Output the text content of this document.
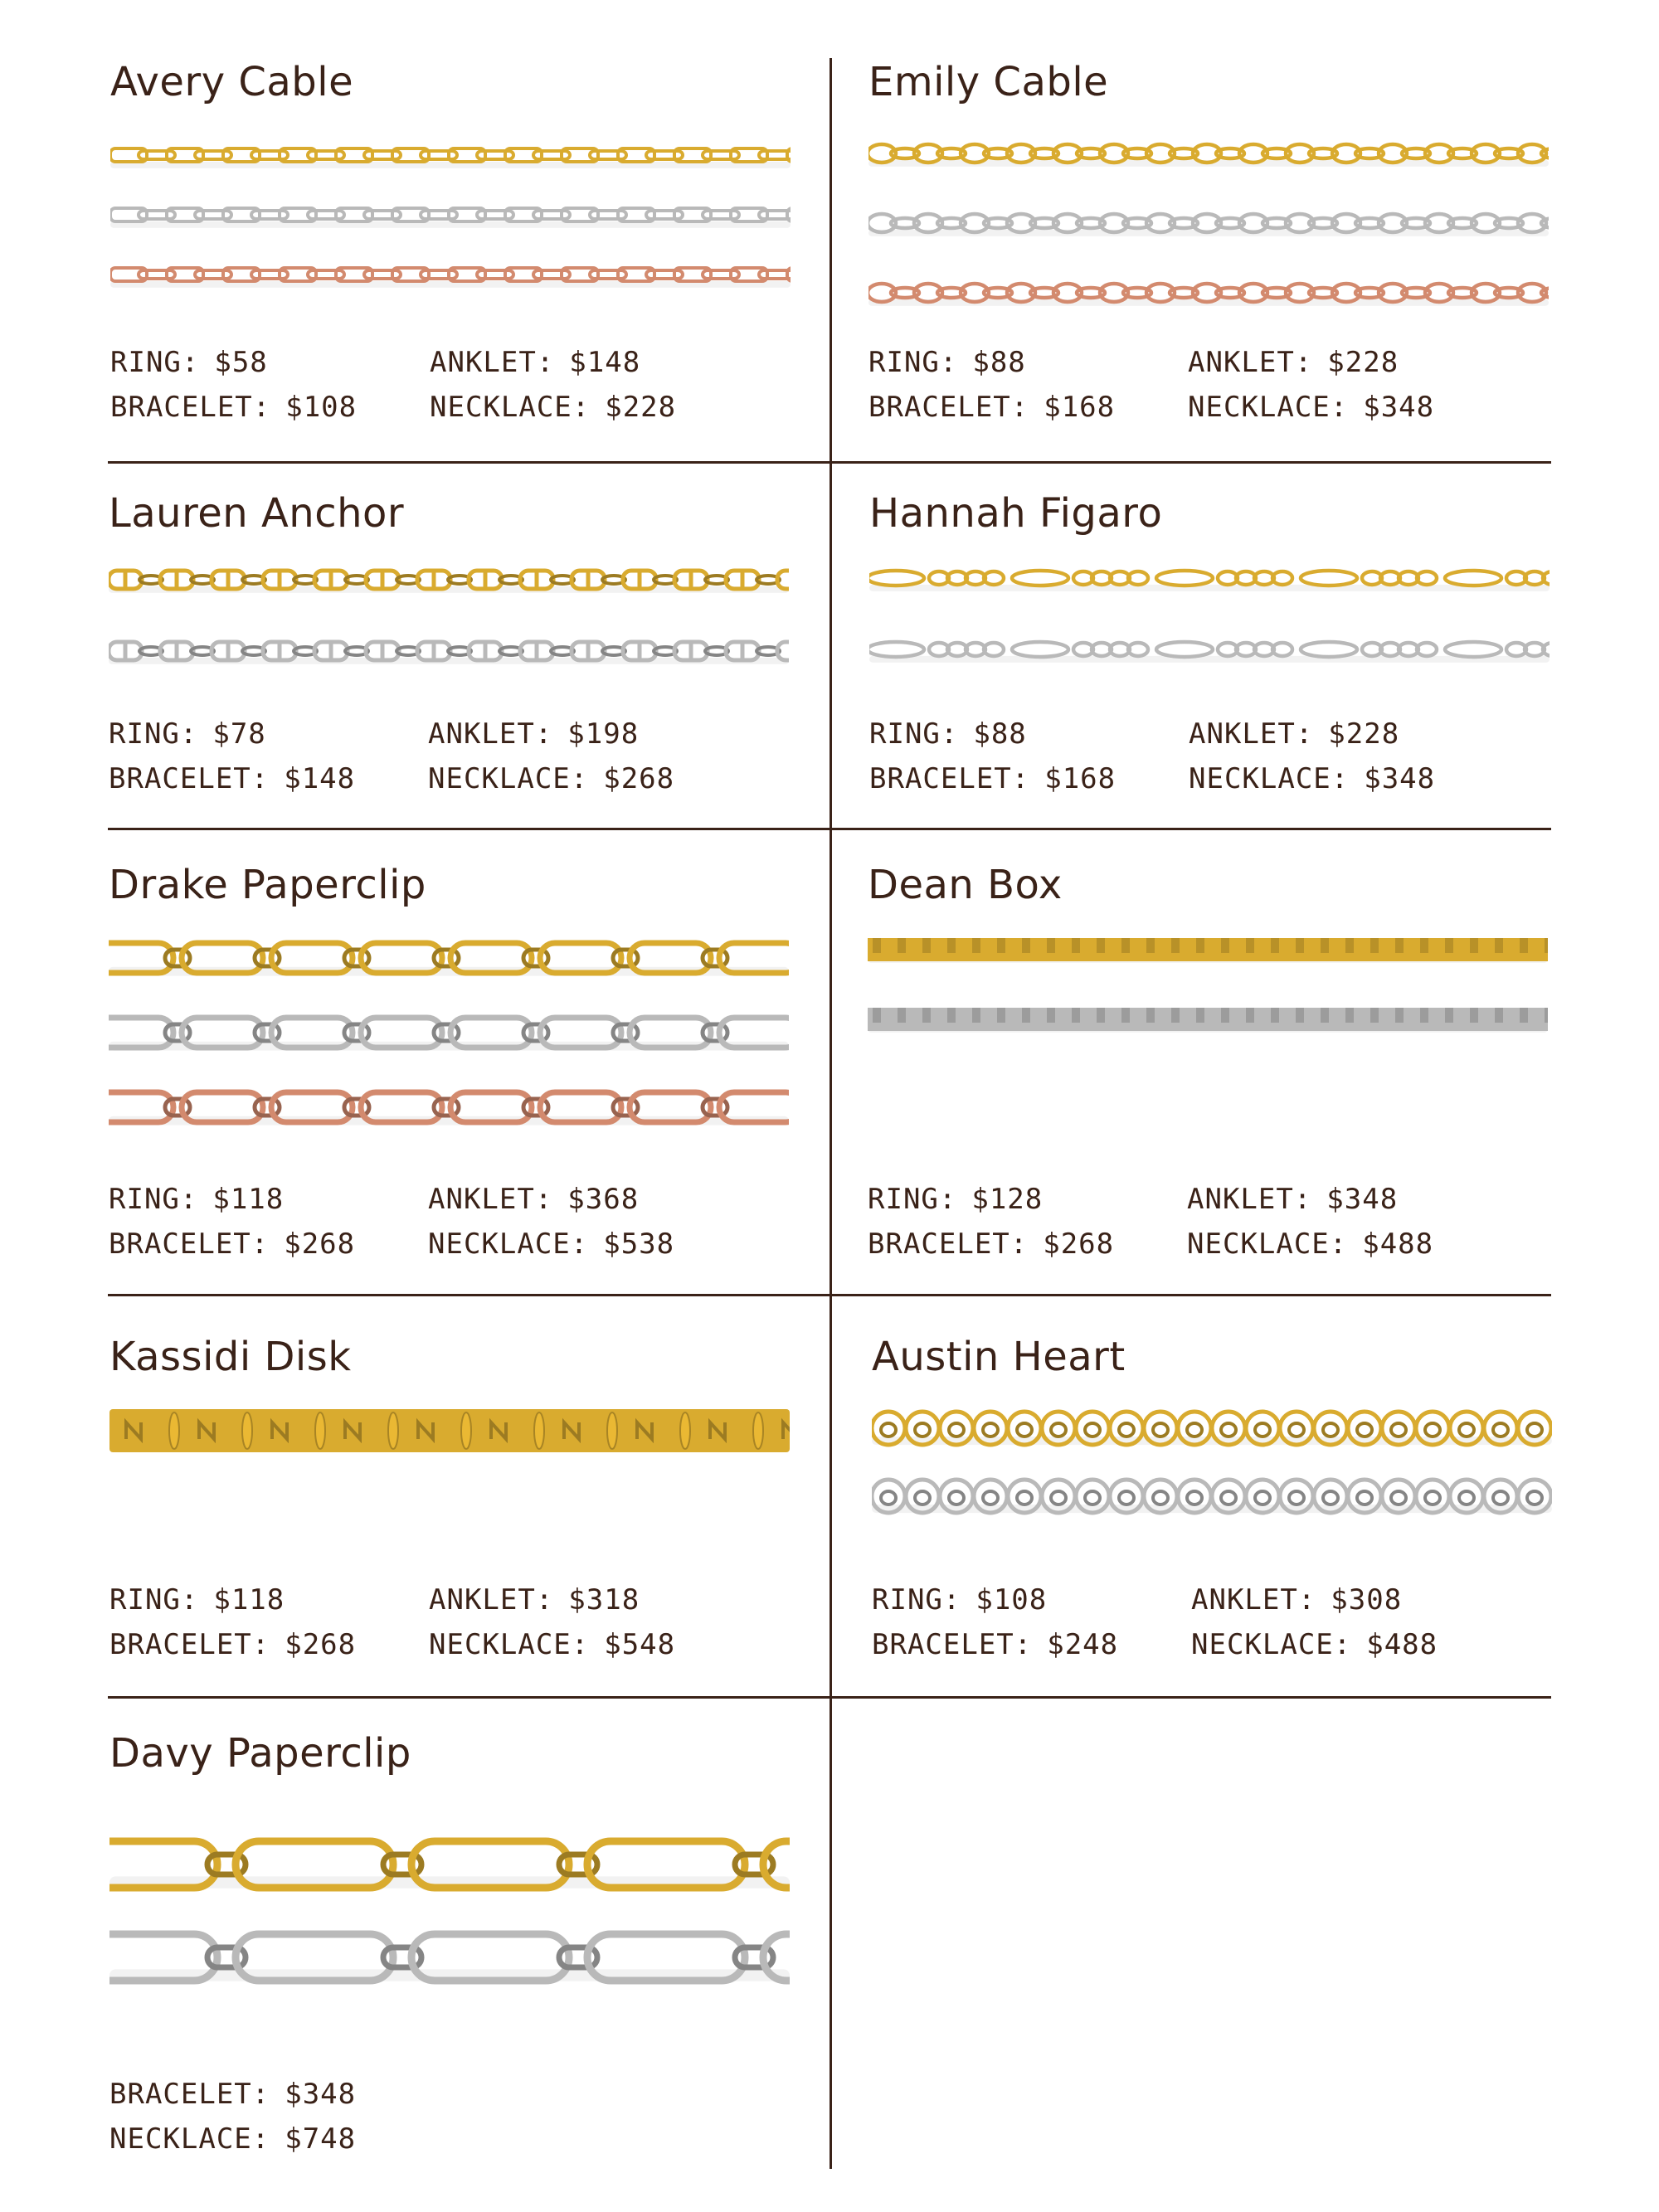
Avery Cable
RING: $58	ANKLET: $148
BRACELET: $108	NECKLACE: $228
Emily Cable
RING: $88	ANKLET: $228
BRACELET: $168	NECKLACE: $348
Lauren Anchor
RING: $78	ANKLET: $198
BRACELET: $148	NECKLACE: $268
Hannah Figaro
RING: $88	ANKLET: $228
BRACELET: $168	NECKLACE: $348
Drake Paperclip
RING: $118	ANKLET: $368
BRACELET: $268	NECKLACE: $538
Dean Box
RING: $128	ANKLET: $348
BRACELET: $268	NECKLACE: $488
Kassidi Disk
RING: $118	ANKLET: $318
BRACELET: $268	NECKLACE: $548
Austin Heart
RING: $108	ANKLET: $308
BRACELET: $248	NECKLACE: $488
Davy Paperclip
BRACELET: $348
NECKLACE: $748
